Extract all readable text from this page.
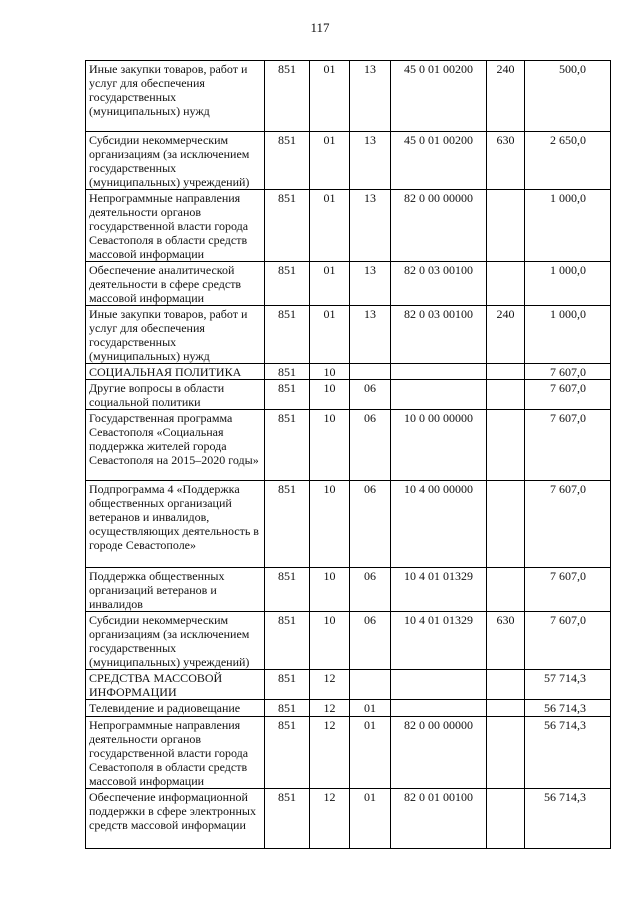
117
Иные закупки товаров, работ и услуг для обеспечения государственных (муниципальных) нужд	851	01	13	45 0 01 00200	240	500,0
Субсидии некоммерческим организациям (за исключением государственных (муниципальных) учреждений)	851	01	13	45 0 01 00200	630	2 650,0
Непрограммные направления деятельности органов государственной власти города Севастополя в области средств массовой информации	851	01	13	82 0 00 00000		1 000,0
Обеспечение аналитической деятельности в сфере средств массовой информации	851	01	13	82 0 03 00100		1 000,0
Иные закупки товаров, работ и услуг для обеспечения государственных (муниципальных) нужд	851	01	13	82 0 03 00100	240	1 000,0
СОЦИАЛЬНАЯ ПОЛИТИКА	851	10				7 607,0
Другие вопросы в области социальной политики	851	10	06			7 607,0
Государственная программа Севастополя «Социальная поддержка жителей города Севастополя на 2015–2020 годы»	851	10	06	10 0 00 00000		7 607,0
Подпрограмма 4 «Поддержка общественных организаций ветеранов и инвалидов, осуществляющих деятельность в городе Севастополе»	851	10	06	10 4 00 00000		7 607,0
Поддержка общественных организаций ветеранов и инвалидов	851	10	06	10 4 01 01329		7 607,0
Субсидии некоммерческим организациям (за исключением государственных (муниципальных) учреждений)	851	10	06	10 4 01 01329	630	7 607,0
СРЕДСТВА МАССОВОЙ ИНФОРМАЦИИ	851	12				57 714,3
Телевидение и радиовещание	851	12	01			56 714,3
Непрограммные направления деятельности органов государственной власти города Севастополя в области средств массовой информации	851	12	01	82 0 00 00000		56 714,3
Обеспечение информационной поддержки в сфере электронных средств массовой информации	851	12	01	82 0 01 00100		56 714,3
